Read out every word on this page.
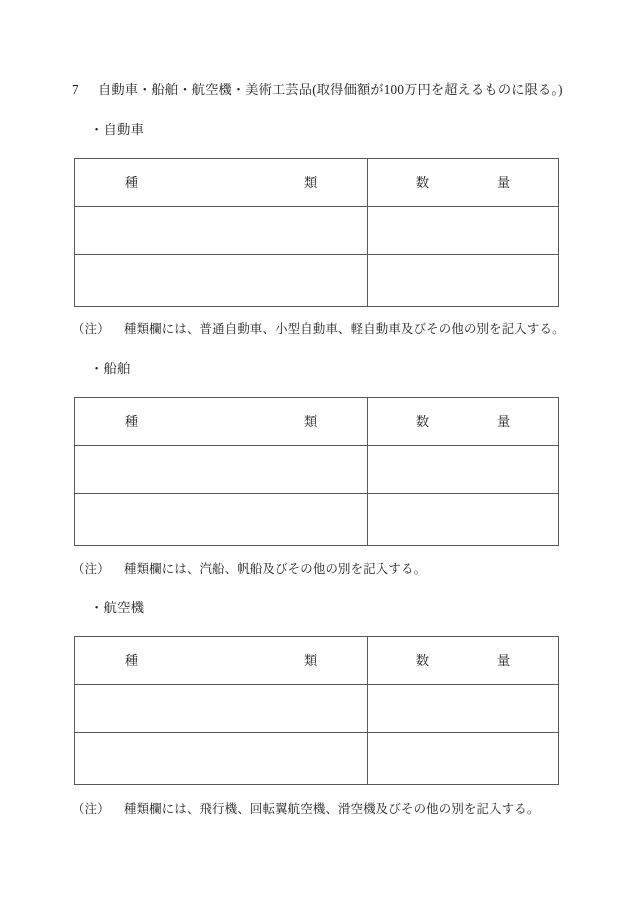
7 自動車・船舶・航空機・美術工芸品(取得価額が100万円を超えるものに限る。)
・自動車
種 類	数 量

（注） 種類欄には、普通自動車、小型自動車、軽自動車及びその他の別を記入する。
・船舶
種 類	数 量

（注） 種類欄には、汽船、帆船及びその他の別を記入する。
・航空機
種 類	数 量

（注） 種類欄には、飛行機、回転翼航空機、滑空機及びその他の別を記入する。
